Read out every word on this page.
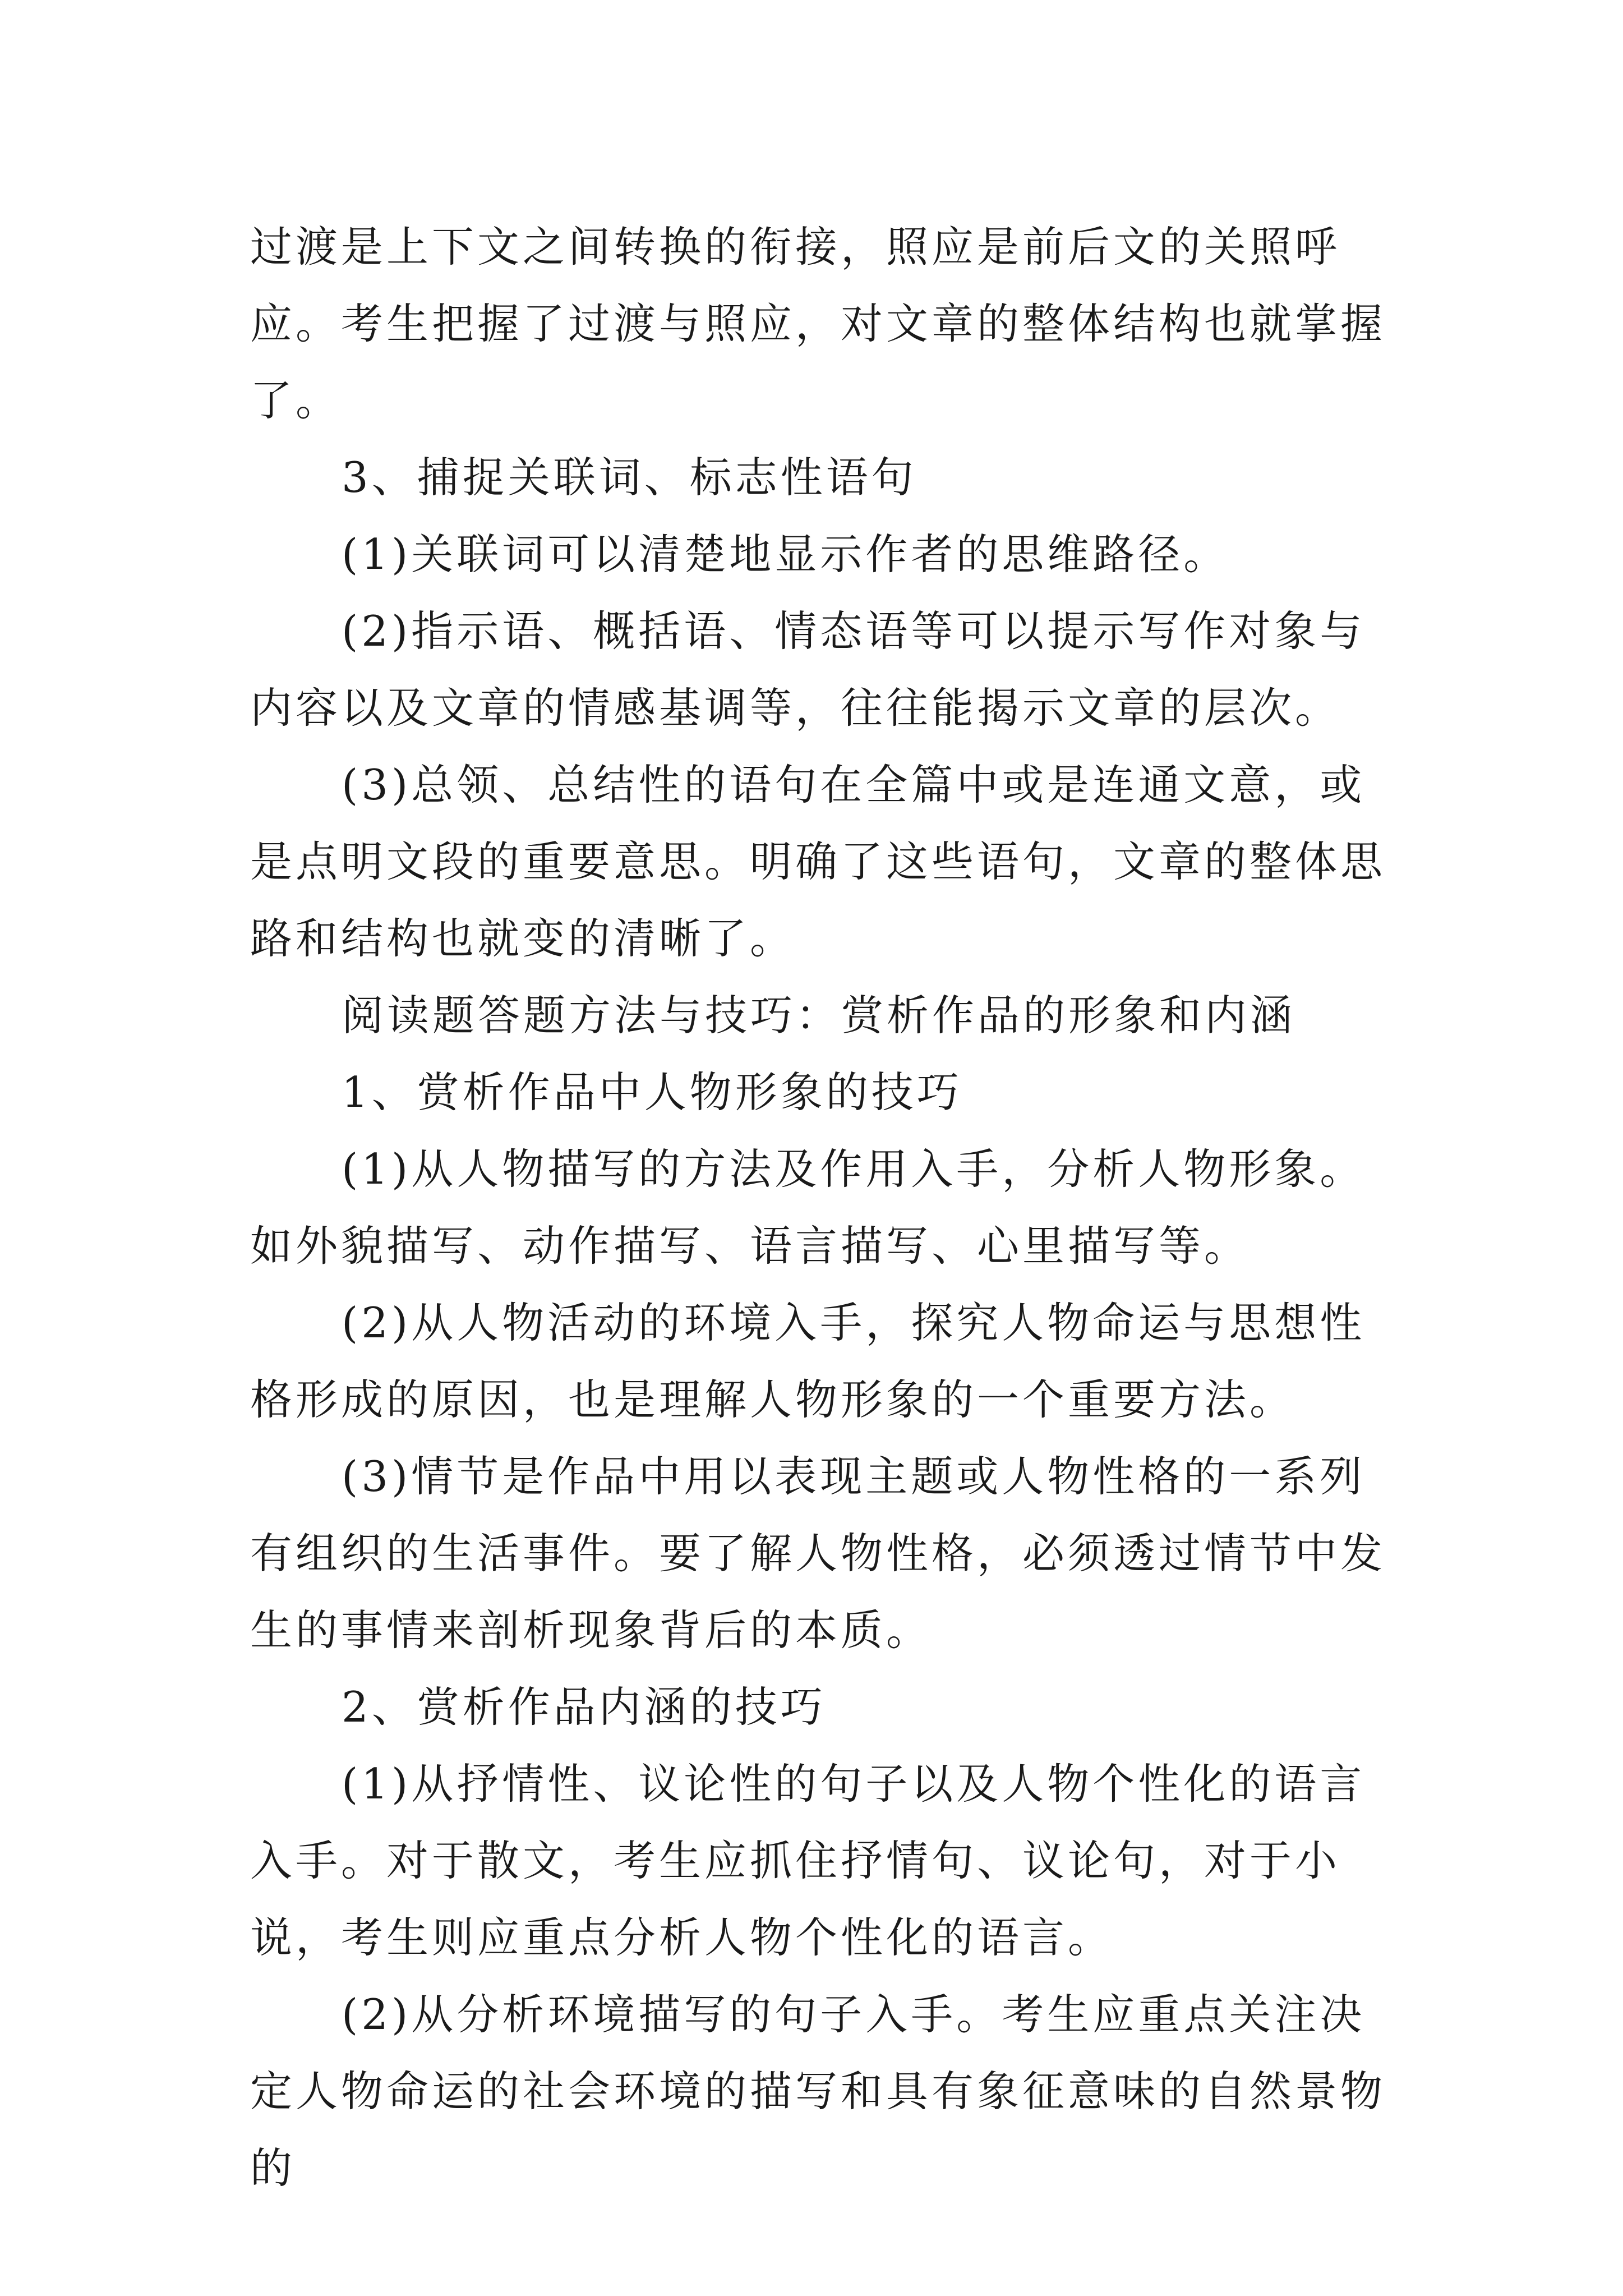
过渡是上下文之间转换的衔接，照应是前后文的关照呼应。考生把握了过渡与照应，对文章的整体结构也就掌握了。

3、捕捉关联词、标志性语句

(1)关联词可以清楚地显示作者的思维路径。

(2)指示语、概括语、情态语等可以提示写作对象与内容以及文章的情感基调等，往往能揭示文章的层次。

(3)总领、总结性的语句在全篇中或是连通文意，或是点明文段的重要意思。明确了这些语句，文章的整体思路和结构也就变的清晰了。

阅读题答题方法与技巧：赏析作品的形象和内涵

1、赏析作品中人物形象的技巧

(1)从人物描写的方法及作用入手，分析人物形象。如外貌描写、动作描写、语言描写、心里描写等。

(2)从人物活动的环境入手，探究人物命运与思想性格形成的原因，也是理解人物形象的一个重要方法。

(3)情节是作品中用以表现主题或人物性格的一系列有组织的生活事件。要了解人物性格，必须透过情节中发生的事情来剖析现象背后的本质。

2、赏析作品内涵的技巧

(1)从抒情性、议论性的句子以及人物个性化的语言入手。对于散文，考生应抓住抒情句、议论句，对于小说，考生则应重点分析人物个性化的语言。

(2)从分析环境描写的句子入手。考生应重点关注决定人物命运的社会环境的描写和具有象征意味的自然景物的
